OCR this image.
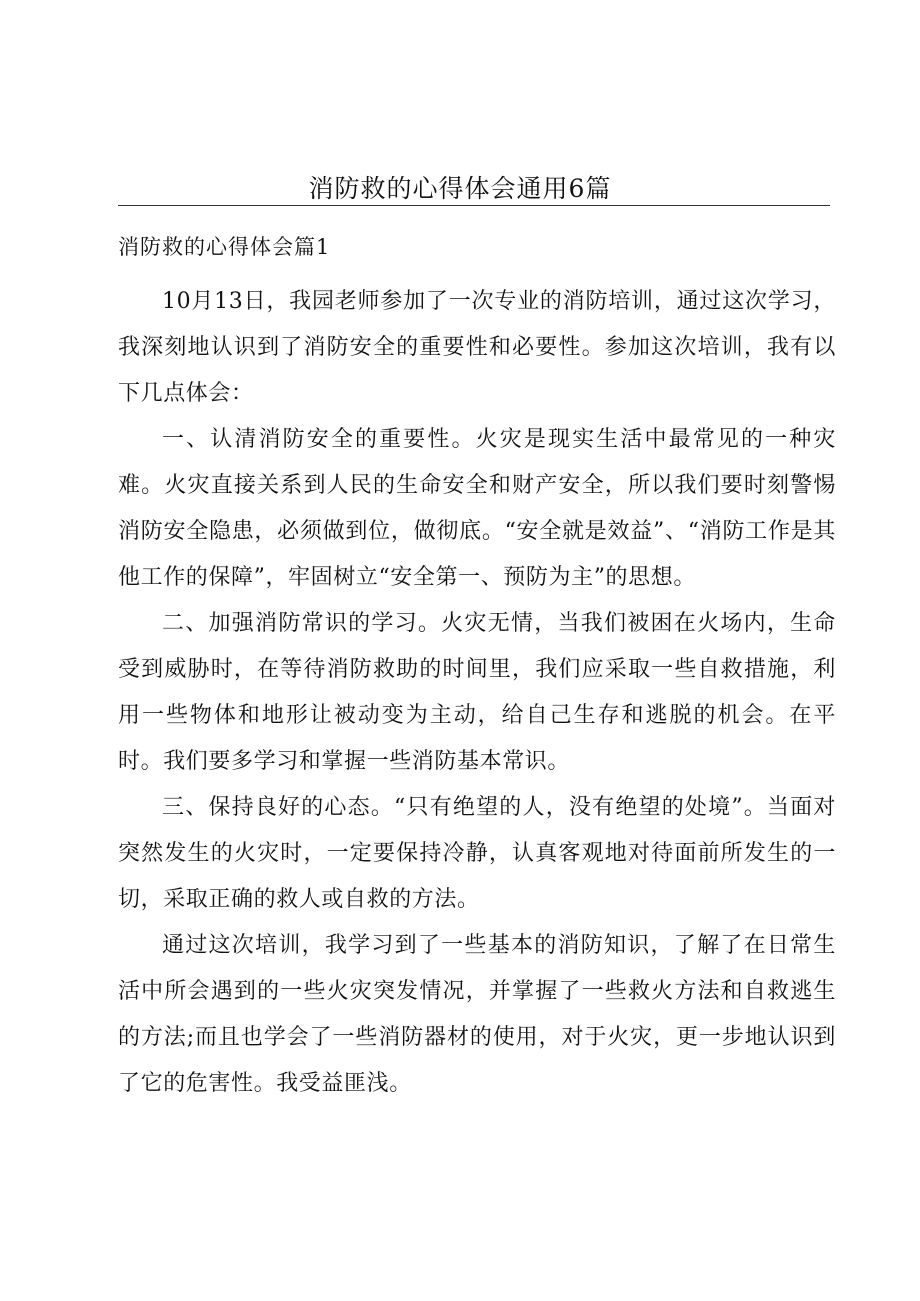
消防救的心得体会通用6篇
消防救的心得体会篇1

10月13日，我园老师参加了一次专业的消防培训，通过这次学习，我深刻地认识到了消防安全的重要性和必要性。参加这次培训，我有以下几点体会：

一、认清消防安全的重要性。火灾是现实生活中最常见的一种灾难。火灾直接关系到人民的生命安全和财产安全，所以我们要时刻警惕消防安全隐患，必须做到位，做彻底。“安全就是效益”、“消防工作是其他工作的保障”，牢固树立“安全第一、预防为主”的思想。

二、加强消防常识的学习。火灾无情，当我们被困在火场内，生命受到威胁时，在等待消防救助的时间里，我们应采取一些自救措施，利用一些物体和地形让被动变为主动，给自己生存和逃脱的机会。在平时。我们要多学习和掌握一些消防基本常识。

三、保持良好的心态。“只有绝望的人，没有绝望的处境”。当面对突然发生的火灾时，一定要保持冷静，认真客观地对待面前所发生的一切，采取正确的救人或自救的方法。

通过这次培训，我学习到了一些基本的消防知识，了解了在日常生活中所会遇到的一些火灾突发情况，并掌握了一些救火方法和自救逃生的方法;而且也学会了一些消防器材的使用，对于火灾，更一步地认识到了它的危害性。我受益匪浅。
